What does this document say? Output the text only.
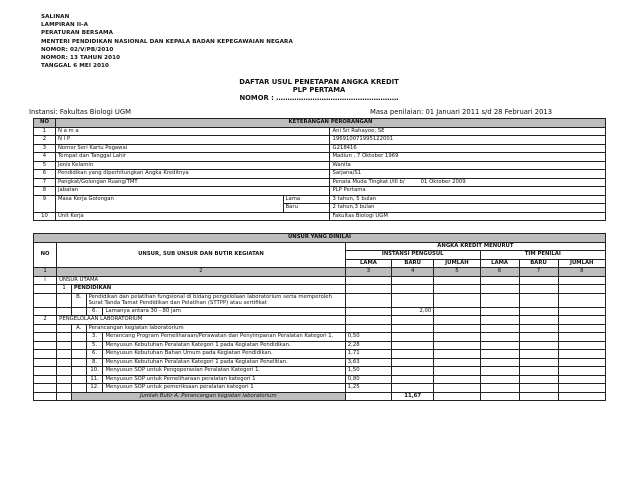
SALINAN
LAMPIRAN II-A
PERATURAN BERSAMA
MENTERI PENDIDIKAN NASIONAL DAN KEPALA BADAN KEPEGAWAIAN NEGARA
NOMOR: 02/V/PB/2010
NOMOR: 13 TAHUN 2010
TANGGAL 6 MEI 2010
DAFTAR USUL PENETAPAN ANGKA KREDIT
PLP PERTAMA
NOMOR : ………………………………………………
Instansi: Fakultas Biologi UGM	Masa penilaian: 01 Januari 2011 s/d 28 Februari 2013
NO	KETERANGAN PERORANGAN		
1	N a m a		Ani Sri Rahayoe, SE
2	N I P		196910071995122001
3	Nomor Seri Kartu Pegawai		G218416
4	Tempat dan Tanggal Lahir		Madiun , 7 Oktober 1969
5	Jenis Kelamin		Wanita
6	Pendidikan yang diperhitungkan Angka Kreditnya		Sarjana/S1
7	Pangkat/Golongan Ruang/TMT		Penata Muda Tingkat I/III b/ 01 Oktober 2009
8	Jabatan		PLP Pertama
9	Masa Kerja Golongan	Lama	3 tahun, 5 bulan
		Baru	2 tahun,3 bulan
10	Unit Kerja		Fakultas Biologi UGM
UNSUR YANG DINILAI										
NO	UNSUR, SUB UNSUR DAN BUTIR KEGIATAN				ANGKA KREDIT MENURUT					
					INSTANSI PENGUSUL			TIM PENILAI		
					LAMA	BARU	JUMLAH	LAMA	BARU	JUMLAH
1	2				3	4	5	6	7	8
I	UNSUR UTAMA									
	1	PENDIDIKAN								
		B.	Pendidikan dan pelatihan fungsional di bidang pengelolaan laboratorium serta memperoleh Surat Tanda Tamat Pendidikan dan Pelatihan (STTPP) atau sertifikat							
			6.	Lamanya antara 30 - 80 jam		2,00				
2	PENGELOLAAN LABORATORIUM									
		A.	Perancangan kegiatan laboratorium							
			3.	Merancang Program Pemeliharaan/Perawatan dan Penyimpanan Peralatan Kategori 1.	0,50					
			5.	Menyusun Kebutuhan Peralatan Kategori 1 pada Kegiatan Pendidikan.	2,28					
			6.	Menyusun Kebutuhan Bahan Umum pada Kegiatan Pendidikan.	1,71					
			8.	Menyusun Kebutuhan Peralatan Kategori 1 pada Kegiatan Penelitian.	3,63					
			10.	Menyusun SOP untuk Pengoperasian Peralatan Kategori 1.	1,50					
			11.	Menyusun SOP untuk Pemeliharaan peralatan kategori 1	0,80					
			12.	Menyusun SOP untuk pemeriksaan peralatan kategori 1	1,25					
		Jumlah Butir A. Perancangan kegiatan laboratorium				11,67				
